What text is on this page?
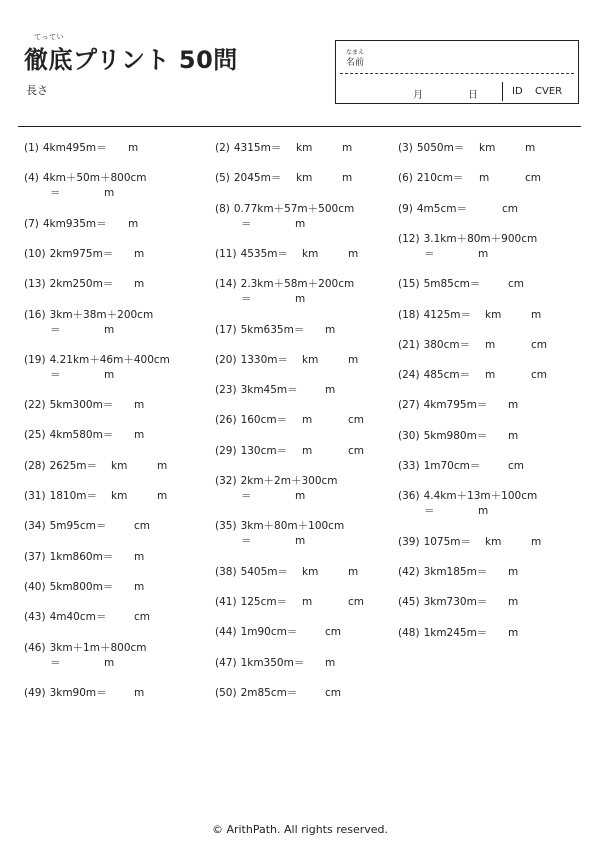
てってい
徹底プリント 50問
長さ
なまえ
名前
月	日	ID CVER
(1) 4km495m＝ m
(4) 4km＋50m＋800cm
＝	m
(7) 4km935m＝ m
(10) 2km975m＝ m
(13) 2km250m＝ m
(16) 3km＋38m＋200cm
＝	m
(19) 4.21km＋46m＋400cm
＝	m
(22) 5km300m＝ m
(25) 4km580m＝ m
(28) 2625m＝ km	m
(31) 1810m＝ km	m
(34) 5m95cm＝	cm
(37) 1km860m＝ m
(40) 5km800m＝ m
(43) 4m40cm＝	cm
(46) 3km＋1m＋800cm
＝	m
(49) 3km90m＝	m
(2) 4315m＝ km	m
(5) 2045m＝ km	m
(8) 0.77km＋57m＋500cm
＝	m
(11) 4535m＝ km	m
(14) 2.3km＋58m＋200cm
＝	m
(17) 5km635m＝ m
(20) 1330m＝ km	m
(23) 3km45m＝	m
(26) 160cm＝ m	cm
(29) 130cm＝ m	cm
(32) 2km＋2m＋300cm
＝	m
(35) 3km＋80m＋100cm
＝	m
(38) 5405m＝ km	m
(41) 125cm＝ m	cm
(44) 1m90cm＝	cm
(47) 1km350m＝ m
(50) 2m85cm＝	cm
(3) 5050m＝ km	m
(6) 210cm＝ m	cm
(9) 4m5cm＝	cm
(12) 3.1km＋80m＋900cm
＝	m
(15) 5m85cm＝	cm
(18) 4125m＝ km	m
(21) 380cm＝ m	cm
(24) 485cm＝ m	cm
(27) 4km795m＝ m
(30) 5km980m＝ m
(33) 1m70cm＝	cm
(36) 4.4km＋13m＋100cm
＝	m
(39) 1075m＝ km	m
(42) 3km185m＝ m
(45) 3km730m＝ m
(48) 1km245m＝ m
© ArithPath. All rights reserved.
